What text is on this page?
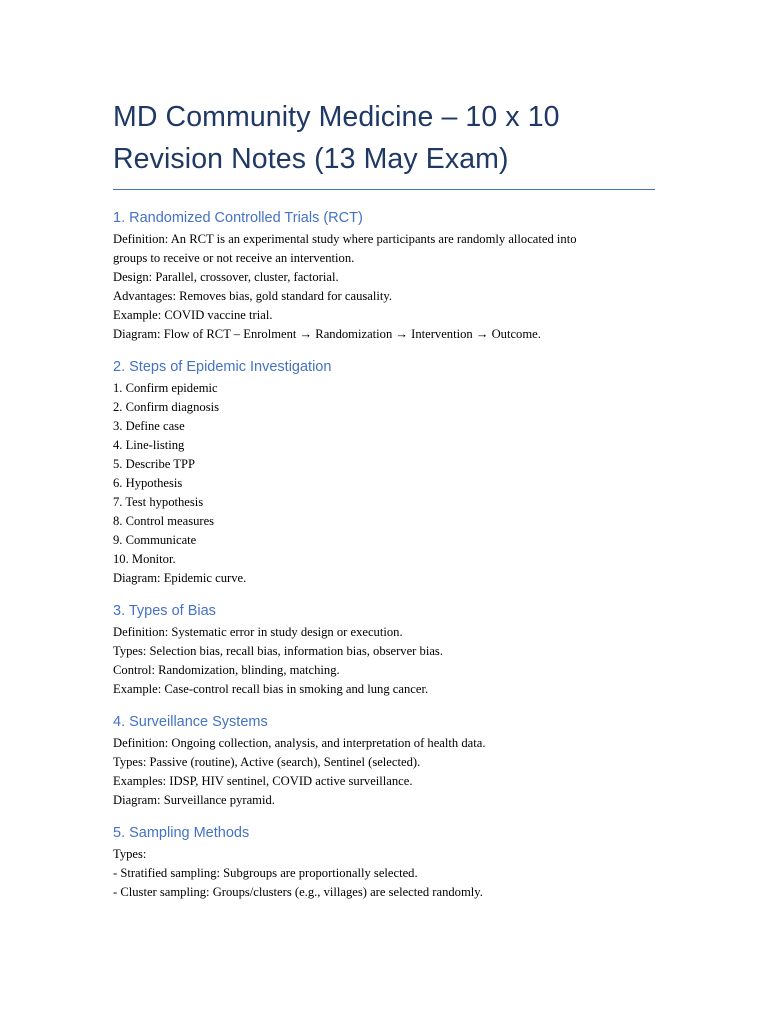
MD Community Medicine – 10 x 10
Revision Notes (13 May Exam)
1. Randomized Controlled Trials (RCT)
Definition: An RCT is an experimental study where participants are randomly allocated into
groups to receive or not receive an intervention.
Design: Parallel, crossover, cluster, factorial.
Advantages: Removes bias, gold standard for causality.
Example: COVID vaccine trial.
Diagram: Flow of RCT – Enrolment → Randomization → Intervention → Outcome.
2. Steps of Epidemic Investigation
1. Confirm epidemic
2. Confirm diagnosis
3. Define case
4. Line-listing
5. Describe TPP
6. Hypothesis
7. Test hypothesis
8. Control measures
9. Communicate
10. Monitor.
Diagram: Epidemic curve.
3. Types of Bias
Definition: Systematic error in study design or execution.
Types: Selection bias, recall bias, information bias, observer bias.
Control: Randomization, blinding, matching.
Example: Case-control recall bias in smoking and lung cancer.
4. Surveillance Systems
Definition: Ongoing collection, analysis, and interpretation of health data.
Types: Passive (routine), Active (search), Sentinel (selected).
Examples: IDSP, HIV sentinel, COVID active surveillance.
Diagram: Surveillance pyramid.
5. Sampling Methods
Types:
- Stratified sampling: Subgroups are proportionally selected.
- Cluster sampling: Groups/clusters (e.g., villages) are selected randomly.
